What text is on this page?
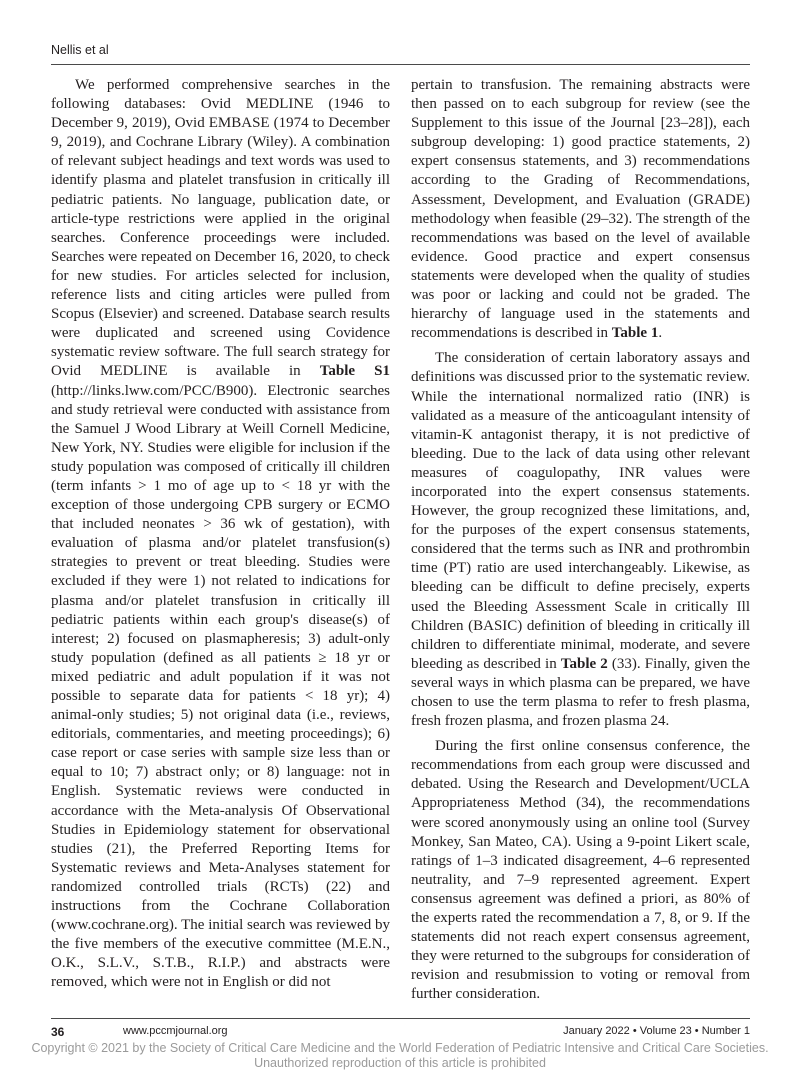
Nellis et al

We performed comprehensive searches in the following databases: Ovid MEDLINE (1946 to December 9, 2019), Ovid EMBASE (1974 to December 9, 2019), and Cochrane Library (Wiley). A combination of relevant subject headings and text words was used to identify plasma and platelet transfusion in critically ill pediatric patients. No language, publication date, or article-type restrictions were applied in the original searches. Conference proceedings were included. Searches were repeated on December 16, 2020, to check for new studies. For articles selected for inclusion, reference lists and citing articles were pulled from Scopus (Elsevier) and screened. Database search results were duplicated and screened using Covidence systematic review software. The full search strategy for Ovid MEDLINE is available in Table S1 (http://links.lww.com/PCC/B900). Electronic searches and study retrieval were conducted with assistance from the Samuel J Wood Library at Weill Cornell Medicine, New York, NY. Studies were eligible for inclusion if the study population was composed of critically ill children (term infants > 1 mo of age up to < 18 yr with the exception of those undergoing CPB surgery or ECMO that included neonates > 36 wk of gestation), with evaluation of plasma and/or platelet transfusion(s) strategies to prevent or treat bleeding. Studies were excluded if they were 1) not related to indications for plasma and/or platelet transfusion in critically ill pediatric patients within each group's disease(s) of interest; 2) focused on plasmapheresis; 3) adult-only study population (defined as all patients ≥ 18 yr or mixed pediatric and adult population if it was not possible to separate data for patients < 18 yr); 4) animal-only studies; 5) not original data (i.e., reviews, editorials, commentaries, and meeting proceedings); 6) case report or case series with sample size less than or equal to 10; 7) abstract only; or 8) language: not in English. Systematic reviews were conducted in accordance with the Meta-analysis Of Observational Studies in Epidemiology statement for observational studies (21), the Preferred Reporting Items for Systematic reviews and Meta-Analyses statement for randomized controlled trials (RCTs) (22) and instructions from the Cochrane Collaboration (www.cochrane.org). The initial search was reviewed by the five members of the executive committee (M.E.N., O.K., S.L.V., S.T.B., R.I.P.) and abstracts were removed, which were not in English or did not

pertain to transfusion. The remaining abstracts were then passed on to each subgroup for review (see the Supplement to this issue of the Journal [23–28]), each subgroup developing: 1) good practice statements, 2) expert consensus statements, and 3) recommendations according to the Grading of Recommendations, Assessment, Development, and Evaluation (GRADE) methodology when feasible (29–32). The strength of the recommendations was based on the level of available evidence. Good practice and expert consensus statements were developed when the quality of studies was poor or lacking and could not be graded. The hierarchy of language used in the statements and recommendations is described in Table 1.

The consideration of certain laboratory assays and definitions was discussed prior to the systematic review. While the international normalized ratio (INR) is validated as a measure of the anticoagulant intensity of vitamin-K antagonist therapy, it is not predictive of bleeding. Due to the lack of data using other relevant measures of coagulopathy, INR values were incorporated into the expert consensus statements. However, the group recognized these limitations, and, for the purposes of the expert consensus statements, considered that the terms such as INR and prothrombin time (PT) ratio are used interchangeably. Likewise, as bleeding can be difficult to define precisely, experts used the Bleeding Assessment Scale in critically Ill Children (BASIC) definition of bleeding in critically ill children to differentiate minimal, moderate, and severe bleeding as described in Table 2 (33). Finally, given the several ways in which plasma can be prepared, we have chosen to use the term plasma to refer to fresh plasma, fresh frozen plasma, and frozen plasma 24.

During the first online consensus conference, the recommendations from each group were discussed and debated. Using the Research and Development/UCLA Appropriateness Method (34), the recommendations were scored anonymously using an online tool (Survey Monkey, San Mateo, CA). Using a 9-point Likert scale, ratings of 1–3 indicated disagreement, 4–6 represented neutrality, and 7–9 represented agreement. Expert consensus agreement was defined a priori, as 80% of the experts rated the recommendation a 7, 8, or 9. If the statements did not reach expert consensus agreement, they were returned to the subgroups for consideration of revision and resubmission to voting or removal from further consideration.

36	www.pccmjournal.org	January 2022 • Volume 23 • Number 1
Copyright © 2021 by the Society of Critical Care Medicine and the World Federation of Pediatric Intensive and Critical Care Societies.
Unauthorized reproduction of this article is prohibited
